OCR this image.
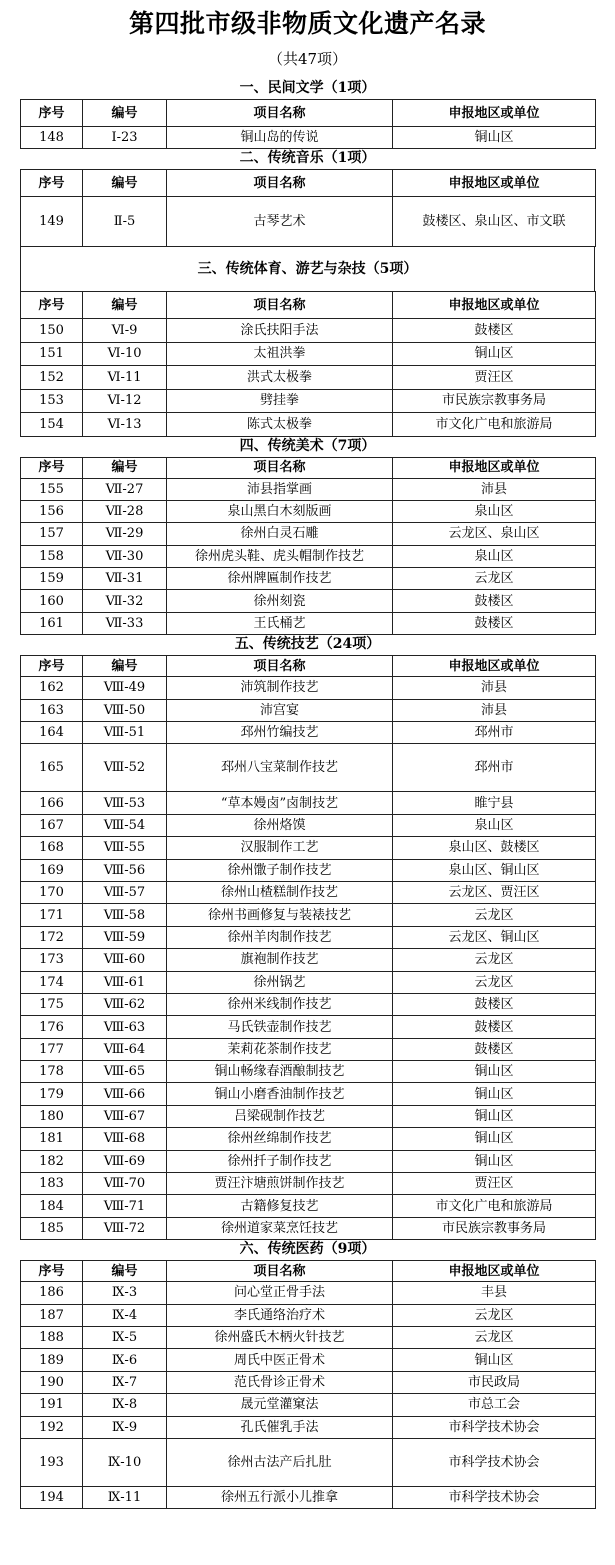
第四批市级非物质文化遗产名录
（共47项）
一、民间文学（1项）
序号	编号	项目名称	申报地区或单位
148	Ⅰ-23	铜山岛的传说	铜山区
二、传统音乐（1项）
序号	编号	项目名称	申报地区或单位
149	Ⅱ-5	古琴艺术	鼓楼区、泉山区、市文联
三、传统体育、游艺与杂技（5项）
序号	编号	项目名称	申报地区或单位
150	Ⅵ-9	涂氏扶阳手法	鼓楼区
151	Ⅵ-10	太祖洪拳	铜山区
152	Ⅵ-11	洪式太极拳	贾汪区
153	Ⅵ-12	劈挂拳	市民族宗教事务局
154	Ⅵ-13	陈式太极拳	市文化广电和旅游局
四、传统美术（7项）
序号	编号	项目名称	申报地区或单位
155	Ⅶ-27	沛县指掌画	沛县
156	Ⅶ-28	泉山黑白木刻版画	泉山区
157	Ⅶ-29	徐州白灵石雕	云龙区、泉山区
158	Ⅶ-30	徐州虎头鞋、虎头帽制作技艺	泉山区
159	Ⅶ-31	徐州牌匾制作技艺	云龙区
160	Ⅶ-32	徐州刻瓷	鼓楼区
161	Ⅶ-33	王氏桶艺	鼓楼区
五、传统技艺（24项）
序号	编号	项目名称	申报地区或单位
162	Ⅷ-49	沛筑制作技艺	沛县
163	Ⅷ-50	沛宫宴	沛县
164	Ⅷ-51	邳州竹编技艺	邳州市
165	Ⅷ-52	邳州八宝菜制作技艺	邳州市
166	Ⅷ-53	“草本嫚卤”卤制技艺	睢宁县
167	Ⅷ-54	徐州烙馍	泉山区
168	Ⅷ-55	汉服制作工艺	泉山区、鼓楼区
169	Ⅷ-56	徐州馓子制作技艺	泉山区、铜山区
170	Ⅷ-57	徐州山楂糕制作技艺	云龙区、贾汪区
171	Ⅷ-58	徐州书画修复与装裱技艺	云龙区
172	Ⅷ-59	徐州羊肉制作技艺	云龙区、铜山区
173	Ⅷ-60	旗袍制作技艺	云龙区
174	Ⅷ-61	徐州锅艺	云龙区
175	Ⅷ-62	徐州米线制作技艺	鼓楼区
176	Ⅷ-63	马氏铁壶制作技艺	鼓楼区
177	Ⅷ-64	茉莉花茶制作技艺	鼓楼区
178	Ⅷ-65	铜山畅缘春酒酿制技艺	铜山区
179	Ⅷ-66	铜山小磨香油制作技艺	铜山区
180	Ⅷ-67	吕梁砚制作技艺	铜山区
181	Ⅷ-68	徐州丝绵制作技艺	铜山区
182	Ⅷ-69	徐州扦子制作技艺	铜山区
183	Ⅷ-70	贾汪汴塘煎饼制作技艺	贾汪区
184	Ⅷ-71	古籍修复技艺	市文化广电和旅游局
185	Ⅷ-72	徐州道家菜烹饪技艺	市民族宗教事务局
六、传统医药（9项）
序号	编号	项目名称	申报地区或单位
186	Ⅸ-3	问心堂正骨手法	丰县
187	Ⅸ-4	李氏通络治疗术	云龙区
188	Ⅸ-5	徐州盛氏木柄火针技艺	云龙区
189	Ⅸ-6	周氏中医正骨术	铜山区
190	Ⅸ-7	范氏骨诊正骨术	市民政局
191	Ⅸ-8	晟元堂灌窠法	市总工会
192	Ⅸ-9	孔氏催乳手法	市科学技术协会
193	Ⅸ-10	徐州古法产后扎肚	市科学技术协会
194	Ⅸ-11	徐州五行派小儿推拿	市科学技术协会
